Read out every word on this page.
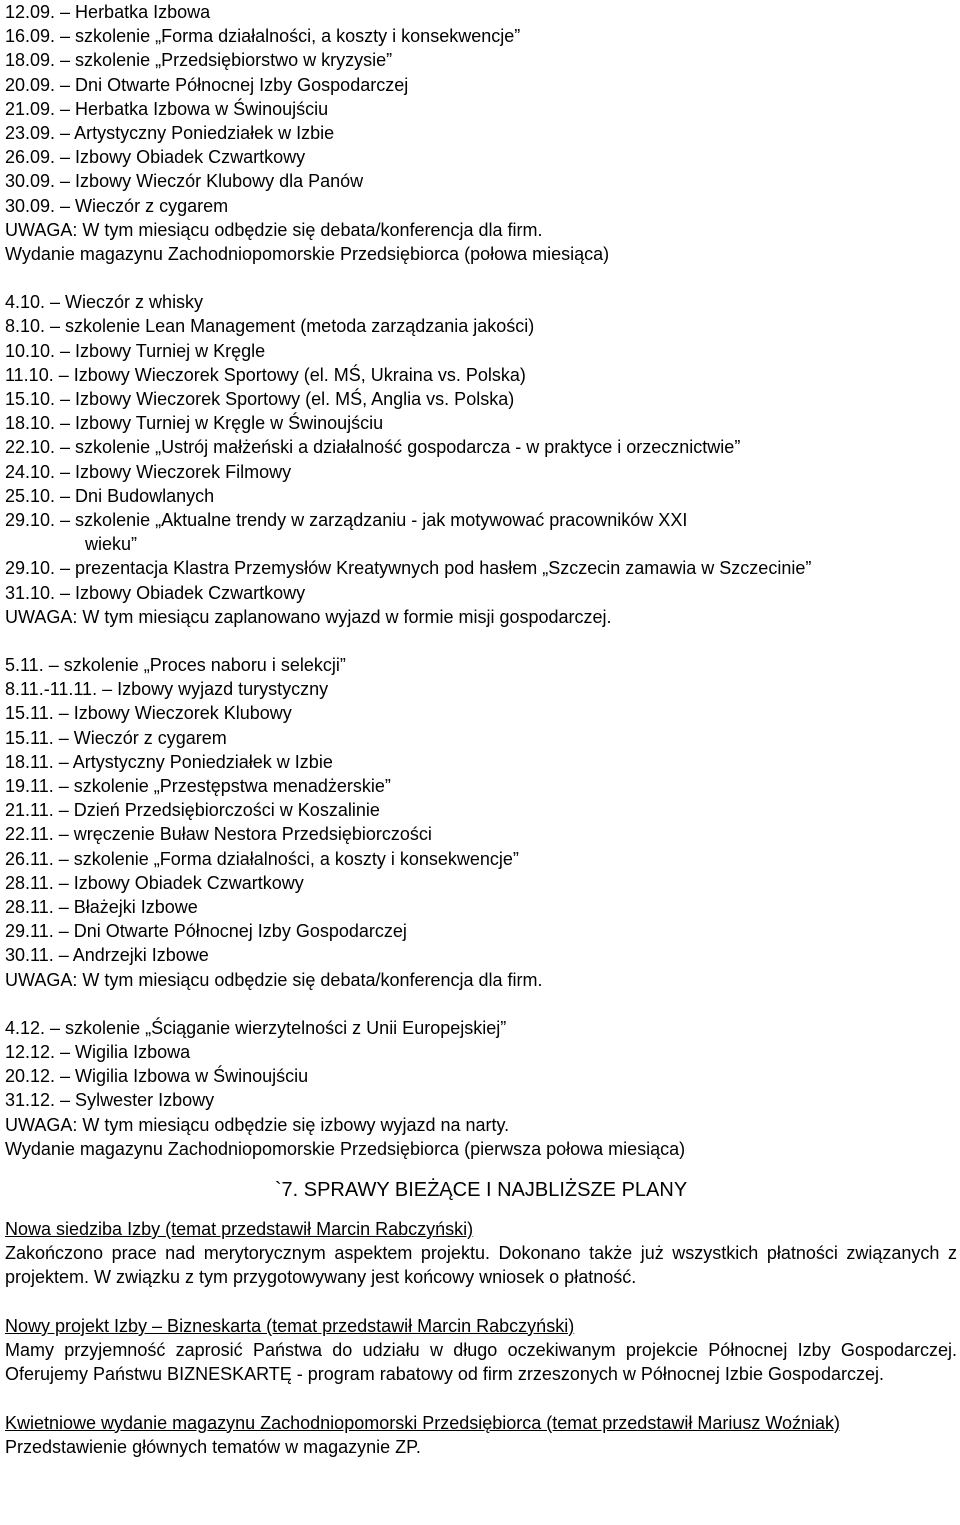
12.09. – Herbatka Izbowa
16.09. – szkolenie „Forma działalności, a koszty i konsekwencje”
18.09. – szkolenie „Przedsiębiorstwo w kryzysie”
20.09. – Dni Otwarte Północnej Izby Gospodarczej
21.09. – Herbatka Izbowa w Świnoujściu
23.09. – Artystyczny Poniedziałek w Izbie
26.09. – Izbowy Obiadek Czwartkowy
30.09. – Izbowy Wieczór Klubowy dla Panów
30.09. – Wieczór z cygarem
UWAGA: W tym miesiącu odbędzie się debata/konferencja dla firm.
Wydanie magazynu Zachodniopomorskie Przedsiębiorca (połowa miesiąca)
4.10. – Wieczór z whisky
8.10. – szkolenie Lean Management (metoda zarządzania jakości)
10.10. – Izbowy Turniej w Kręgle
11.10. – Izbowy Wieczorek Sportowy (el. MŚ, Ukraina vs. Polska)
15.10. – Izbowy Wieczorek Sportowy (el. MŚ, Anglia vs. Polska)
18.10. – Izbowy Turniej w Kręgle w Świnoujściu
22.10. – szkolenie „Ustrój małżeński a działalność gospodarcza - w praktyce i orzecznictwie”
24.10. – Izbowy Wieczorek Filmowy
25.10. – Dni Budowlanych
29.10. – szkolenie „Aktualne trendy w zarządzaniu - jak motywować pracowników XXI
wieku”
29.10. – prezentacja Klastra Przemysłów Kreatywnych pod hasłem „Szczecin zamawia w Szczecinie”
31.10. – Izbowy Obiadek Czwartkowy
UWAGA: W tym miesiącu zaplanowano wyjazd w formie misji gospodarczej.
5.11. – szkolenie „Proces naboru i selekcji”
8.11.-11.11. – Izbowy wyjazd turystyczny
15.11. – Izbowy Wieczorek Klubowy
15.11. – Wieczór z cygarem
18.11. – Artystyczny Poniedziałek w Izbie
19.11. – szkolenie „Przestępstwa menadżerskie”
21.11. – Dzień Przedsiębiorczości w Koszalinie
22.11. – wręczenie Buław Nestora Przedsiębiorczości
26.11. – szkolenie „Forma działalności, a koszty i konsekwencje”
28.11. – Izbowy Obiadek Czwartkowy
28.11. – Błażejki Izbowe
29.11. – Dni Otwarte Północnej Izby Gospodarczej
30.11. – Andrzejki Izbowe
UWAGA: W tym miesiącu odbędzie się debata/konferencja dla firm.
4.12. – szkolenie „Ściąganie wierzytelności z Unii Europejskiej”
12.12. – Wigilia Izbowa
20.12. – Wigilia Izbowa w Świnoujściu
31.12. – Sylwester Izbowy
UWAGA: W tym miesiącu odbędzie się izbowy wyjazd na narty.
Wydanie magazynu Zachodniopomorskie Przedsiębiorca (pierwsza połowa miesiąca)
`7. SPRAWY BIEŻĄCE I NAJBLIŻSZE PLANY
Nowa siedziba Izby (temat przedstawił Marcin Rabczyński)
Zakończono prace nad merytorycznym aspektem projektu. Dokonano także już wszystkich płatności związanych z projektem. W związku z tym przygotowywany jest końcowy wniosek o płatność.
Nowy projekt Izby – Bizneskarta (temat przedstawił Marcin Rabczyński)
Mamy przyjemność zaprosić Państwa do udziału w długo oczekiwanym projekcie Północnej Izby Gospodarczej. Oferujemy Państwu BIZNESKARTĘ - program rabatowy od firm zrzeszonych w Północnej Izbie Gospodarczej.
Kwietniowe wydanie magazynu Zachodniopomorski Przedsiębiorca (temat przedstawił Mariusz Woźniak)
Przedstawienie głównych tematów w magazynie ZP.
